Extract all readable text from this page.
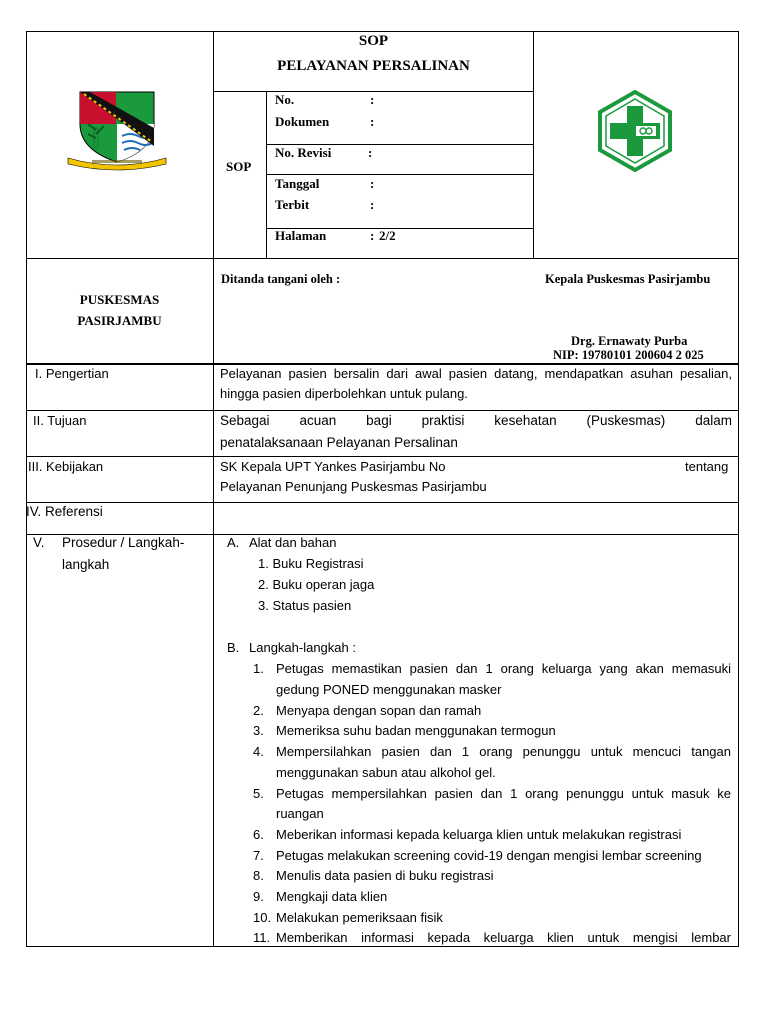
SOP
PELAYANAN PERSALINAN
SOP
No.	:
Dokumen	:
No. Revisi	:
Tanggal	:
Terbit	:
Halaman	: 2/2
PUSKESMAS
PASIRJAMBU
Ditanda tangani oleh :	Kepala Puskesmas Pasirjambu
Drg. Ernawaty Purba
NIP: 19780101 200604 2 025
I. Pengertian	Pelayanan pasien bersalin dari awal pasien datang, mendapatkan asuhan pesalian,
hingga pasien diperbolehkan untuk pulang.
II. Tujuan	Sebagai acuan bagi praktisi kesehatan (Puskesmas) dalam
penatalaksanaan Pelayanan Persalinan
III. Kebijakan	SK Kepala UPT Yankes Pasirjambu No	tentang
Pelayanan Penunjang Puskesmas Pasirjambu
IV. Referensi
V. Prosedur / Langkah-
langkah
A. Alat dan bahan
1. Buku Registrasi
2. Buku operan jaga
3. Status pasien
B. Langkah-langkah :
1. Petugas memastikan pasien dan 1 orang keluarga yang akan memasuki
gedung PONED menggunakan masker
2. Menyapa dengan sopan dan ramah
3. Memeriksa suhu badan menggunakan termogun
4. Mempersilahkan pasien dan 1 orang penunggu untuk mencuci tangan
menggunakan sabun atau alkohol gel.
5. Petugas mempersilahkan pasien dan 1 orang penunggu untuk masuk ke
ruangan
6. Meberikan informasi kepada keluarga klien untuk melakukan registrasi
7. Petugas melakukan screening covid-19 dengan mengisi lembar screening
8. Menulis data pasien di buku registrasi
9. Mengkaji data klien
10. Melakukan pemeriksaan fisik
11. Memberikan informasi kepada keluarga klien untuk mengisi lembar
